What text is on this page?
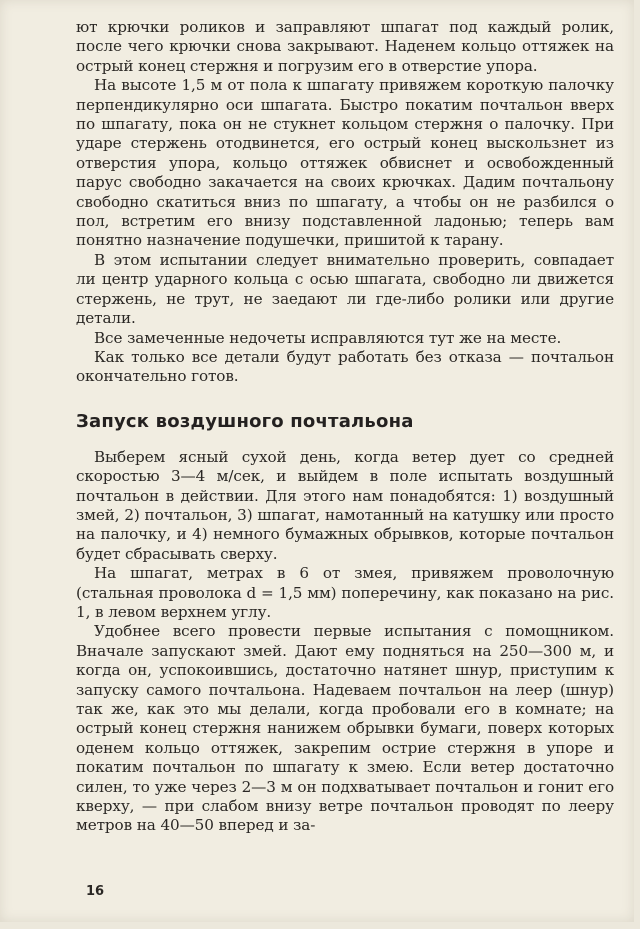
ют крючки роликов и заправляют шпагат под каждый ролик, после чего крючки снова закрывают. Наденем кольцо оттяжек на острый конец стержня и погрузим его в отверстие упора.

На высоте 1,5 м от пола к шпагату привяжем короткую палочку перпендикулярно оси шпагата. Быстро покатим почтальон вверх по шпагату, пока он не стукнет кольцом стержня о палочку. При ударе стержень отодвинется, его острый конец выскользнет из отверстия упора, кольцо оттяжек обвиснет и освобожденный парус свободно закачается на своих крючках. Дадим почтальону свободно скатиться вниз по шпагату, а чтобы он не разбился о пол, встретим его внизу подставленной ладонью; теперь вам понятно назначение подушечки, пришитой к тарану.

В этом испытании следует внимательно проверить, совпадает ли центр ударного кольца с осью шпагата, свободно ли движется стержень, не трут, не заедают ли где-либо ролики или другие детали.

Все замеченные недочеты исправляются тут же на месте.

Как только все детали будут работать без отказа — почтальон окончательно готов.

Запуск воздушного почтальона

Выберем ясный сухой день, когда ветер дует со средней скоростью 3—4 м/сек, и выйдем в поле испытать воздушный почтальон в действии. Для этого нам понадобятся: 1) воздушный змей, 2) почтальон, 3) шпагат, намотанный на катушку или просто на палочку, и 4) немного бумажных обрывков, которые почтальон будет сбрасывать сверху.

На шпагат, метрах в 6 от змея, привяжем проволочную (стальная проволока d = 1,5 мм) поперечину, как показано на рис. 1, в левом верхнем углу.

Удобнее всего провести первые испытания с помощником. Вначале запускают змей. Дают ему подняться на 250—300 м, и когда он, успокоившись, достаточно натянет шнур, приступим к запуску самого почтальона. Надеваем почтальон на леер (шнур) так же, как это мы делали, когда пробовали его в комнате; на острый конец стержня нанижем обрывки бумаги, поверх которых оденем кольцо оттяжек, закрепим острие стержня в упоре и покатим почтальон по шпагату к змею. Если ветер достаточно силен, то уже через 2—3 м он подхватывает почтальон и гонит его кверху, — при слабом внизу ветре почтальон проводят по лееру метров на 40—50 вперед и за-

16
